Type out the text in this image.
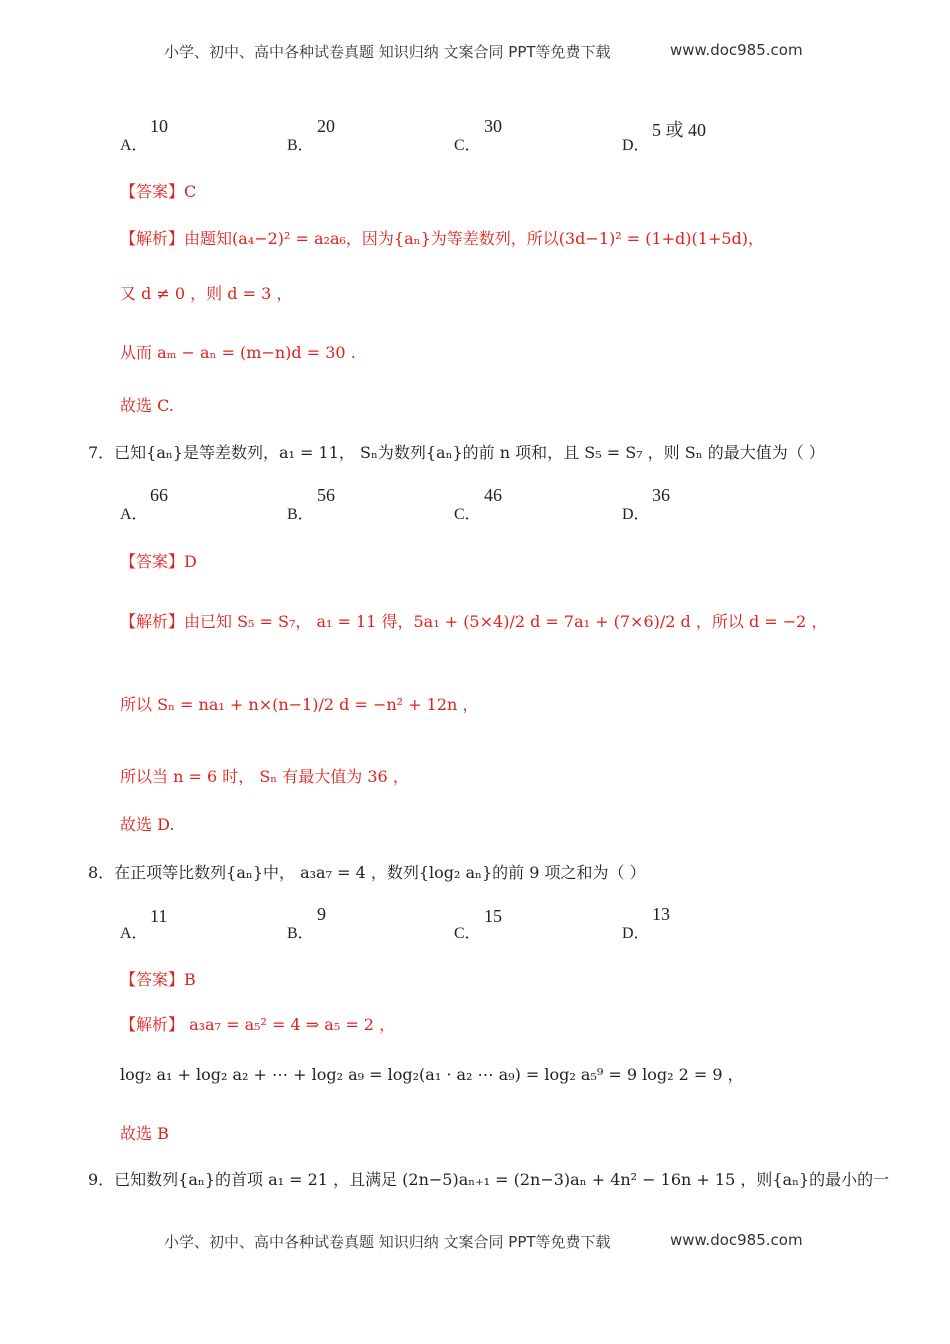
小学、初中、高中各种试卷真题 知识归纳 文案合同 PPT等免费下载	www.doc985.com
A．
10
B．
20
C．
30
D．
5 或 40
【答案】C
【解析】由题知(a₄−2)² = a₂a₆，因为{aₙ}为等差数列，所以(3d−1)² = (1+d)(1+5d)，
又 d ≠ 0 ，则 d = 3 ，
从而 aₘ − aₙ = (m−n)d = 30 .
故选 C.
7．已知{aₙ}是等差数列，a₁ = 11， Sₙ为数列{aₙ}的前 n 项和，且 S₅ = S₇ ，则 Sₙ 的最大值为（ ）
A．
66
B．
56
C．
46
D．
36
【答案】D
【解析】由已知 S₅ = S₇， a₁ = 11 得，5a₁ + (5×4)/2 d = 7a₁ + (7×6)/2 d ，所以 d = −2 ，
所以 Sₙ = na₁ + n×(n−1)/2 d = −n² + 12n ，
所以当 n = 6 时， Sₙ 有最大值为 36 ，
故选 D.
8．在正项等比数列{aₙ}中， a₃a₇ = 4 ，数列{log₂ aₙ}的前 9 项之和为（ ）
A．
11
B．
9
C．
15
D．
13
【答案】B
【解析】 a₃a₇ = a₅² = 4 ⇒ a₅ = 2 ，
log₂ a₁ + log₂ a₂ + ⋯ + log₂ a₉ = log₂(a₁ · a₂ ⋯ a₉) = log₂ a₅⁹ = 9 log₂ 2 = 9 ，
故选 B
9．已知数列{aₙ}的首项 a₁ = 21 ，且满足 (2n−5)aₙ₊₁ = (2n−3)aₙ + 4n² − 16n + 15 ，则{aₙ}的最小的一
小学、初中、高中各种试卷真题 知识归纳 文案合同 PPT等免费下载	www.doc985.com
